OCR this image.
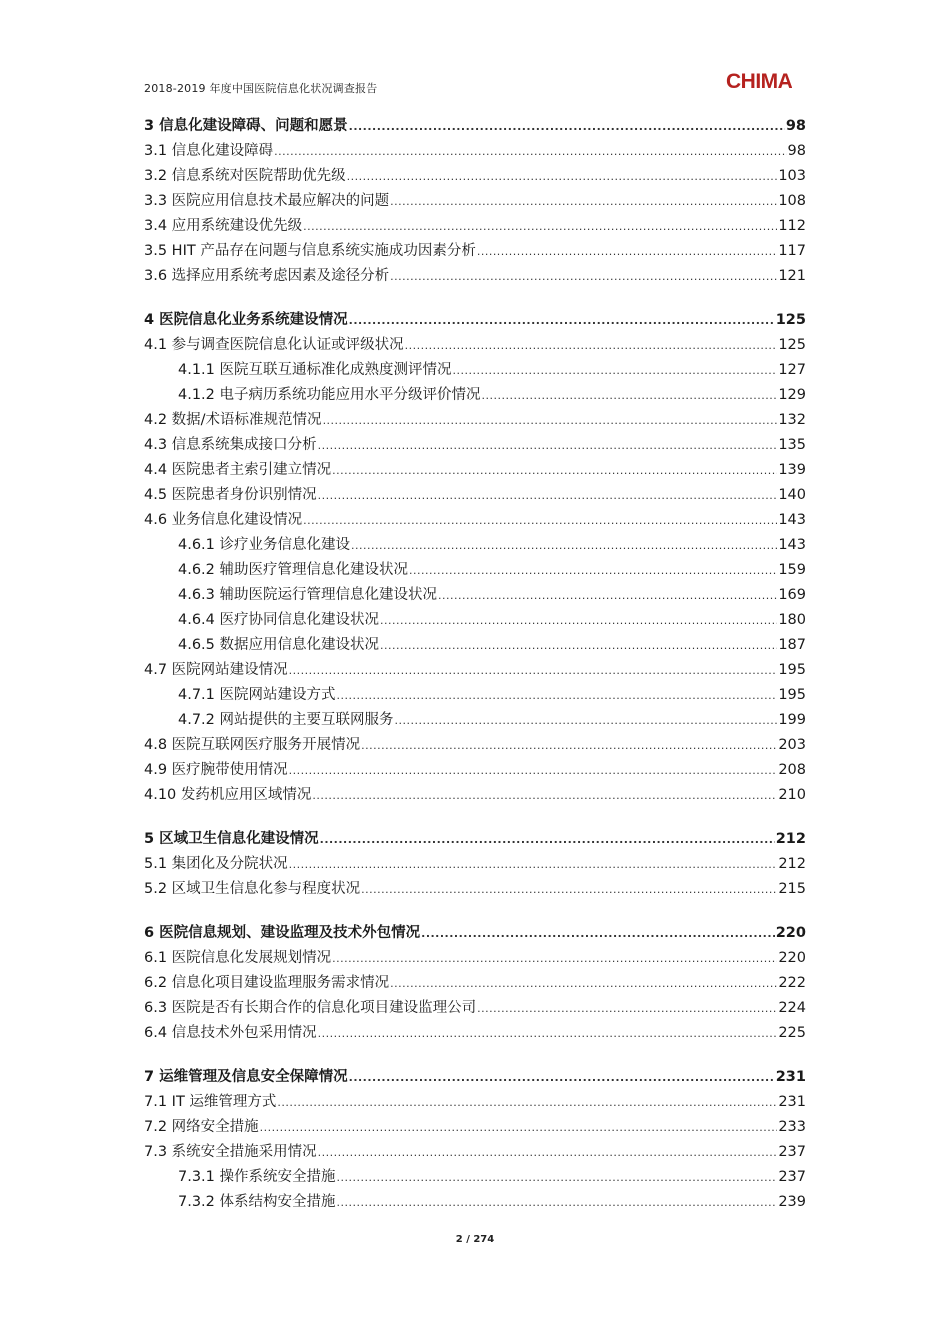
2018-2019 年度中国医院信息化状况调查报告	CHIMA
3 信息化建设障碍、问题和愿景 .....	98
3.1 信息化建设障碍 .....	98
3.2 信息系统对医院帮助优先级 .....	103
3.3 医院应用信息技术最应解决的问题 .....	108
3.4 应用系统建设优先级 .....	112
3.5 HIT 产品存在问题与信息系统实施成功因素分析 .....	117
3.6 选择应用系统考虑因素及途径分析 .....	121
4 医院信息化业务系统建设情况 .....	125
4.1 参与调查医院信息化认证或评级状况 .....	125
4.1.1 医院互联互通标准化成熟度测评情况 .....	127
4.1.2 电子病历系统功能应用水平分级评价情况 .....	129
4.2 数据/术语标准规范情况 .....	132
4.3 信息系统集成接口分析 .....	135
4.4 医院患者主索引建立情况 .....	139
4.5 医院患者身份识别情况 .....	140
4.6 业务信息化建设情况 .....	143
4.6.1 诊疗业务信息化建设 .....	143
4.6.2 辅助医疗管理信息化建设状况 .....	159
4.6.3 辅助医院运行管理信息化建设状况 .....	169
4.6.4 医疗协同信息化建设状况 .....	180
4.6.5 数据应用信息化建设状况 .....	187
4.7 医院网站建设情况 .....	195
4.7.1 医院网站建设方式 .....	195
4.7.2 网站提供的主要互联网服务 .....	199
4.8 医院互联网医疗服务开展情况 .....	203
4.9 医疗腕带使用情况 .....	208
4.10 发药机应用区域情况 .....	210
5 区域卫生信息化建设情况 .....	212
5.1 集团化及分院状况 .....	212
5.2 区域卫生信息化参与程度状况 .....	215
6 医院信息规划、建设监理及技术外包情况 .....	220
6.1 医院信息化发展规划情况 .....	220
6.2 信息化项目建设监理服务需求情况 .....	222
6.3 医院是否有长期合作的信息化项目建设监理公司 .....	224
6.4 信息技术外包采用情况 .....	225
7 运维管理及信息安全保障情况 .....	231
7.1 IT 运维管理方式 .....	231
7.2 网络安全措施 .....	233
7.3 系统安全措施采用情况 .....	237
7.3.1 操作系统安全措施 .....	237
7.3.2 体系结构安全措施 .....	239
2 / 274
